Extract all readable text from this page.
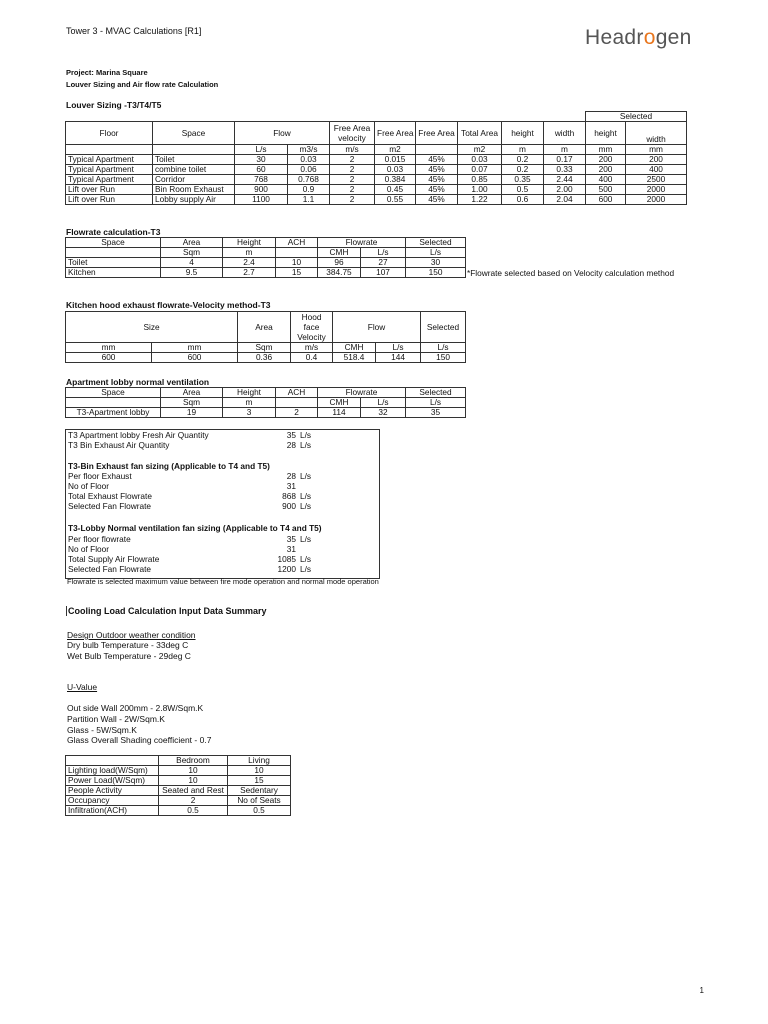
Tower 3 - MVAC Calculations [R1]	Headrogen
Project: Marina Square
Louver Sizing and Air flow rate Calculation
Louver Sizing -T3/T4/T5
										Selected	
Floor	Space	Flow		Free Area velocity	Free Area	Free Area	Total Area	height	width	height	width
		L/s	m3/s	m/s	m2		m2	m	m	mm	mm
Typical Apartment	Toilet	30	0.03	2	0.015	45%	0.03	0.2	0.17	200	200
Typical Apartment	combine toilet	60	0.06	2	0.03	45%	0.07	0.2	0.33	200	400
Typical Apartment	Corridor	768	0.768	2	0.384	45%	0.85	0.35	2.44	400	2500
Lift over Run	Bin Room Exhaust	900	0.9	2	0.45	45%	1.00	0.5	2.00	500	2000
Lift over Run	Lobby supply Air	1100	1.1	2	0.55	45%	1.22	0.6	2.04	600	2000
Flowrate calculation-T3
Space	Area	Height	ACH	Flowrate		Selected
	Sqm	m		CMH	L/s	L/s
Toilet	4	2.4	10	96	27	30
Kitchen	9.5	2.7	15	384.75	107	150	*Flowrate selected based on Velocity calculation method
Kitchen hood exhaust flowrate-Velocity method-T3
Size		Area	Hood face Velocity	Flow		Selected
mm	mm	Sqm	m/s	CMH	L/s	L/s
600	600	0.36	0.4	518.4	144	150
Apartment lobby normal ventilation
Space	Area	Height	ACH	Flowrate		Selected
	Sqm	m		CMH	L/s	L/s
T3-Apartment lobby	19	3	2	114	32	35
T3 Apartment lobby Fresh Air Quantity	35 L/s
T3 Bin Exhaust Air Quantity	28 L/s
T3-Bin Exhaust fan sizing (Applicable to T4 and T5)
Per floor Exhaust	28 L/s
No of Floor	31
Total Exhaust Flowrate	868 L/s
Selected Fan Flowrate	900 L/s
T3-Lobby Normal ventilation fan sizing (Applicable to T4 and T5)
Per floor flowrate	35 L/s
No of Floor	31
Total Supply Air Flowrate	1085 L/s
Selected Fan Flowrate	1200 L/s
Flowrate is selected maximum value between fire mode operation and normal mode operation
Cooling Load Calculation Input Data Summary
Design Outdoor weather condition
Dry bulb Temperature - 33deg C
Wet Bulb Temperature - 29deg C
U-Value
Out side Wall 200mm - 2.8W/Sqm.K
Partition Wall - 2W/Sqm.K
Glass - 5W/Sqm.K
Glass Overall Shading coefficient - 0.7
	Bedroom	Living
Lighting load(W/Sqm)	10	10
Power Load(W/Sqm)	10	15
People Activity	Seated and Rest	Sedentary
Occupancy	2	No of Seats
Infiltration(ACH)	0.5	0.5
1
